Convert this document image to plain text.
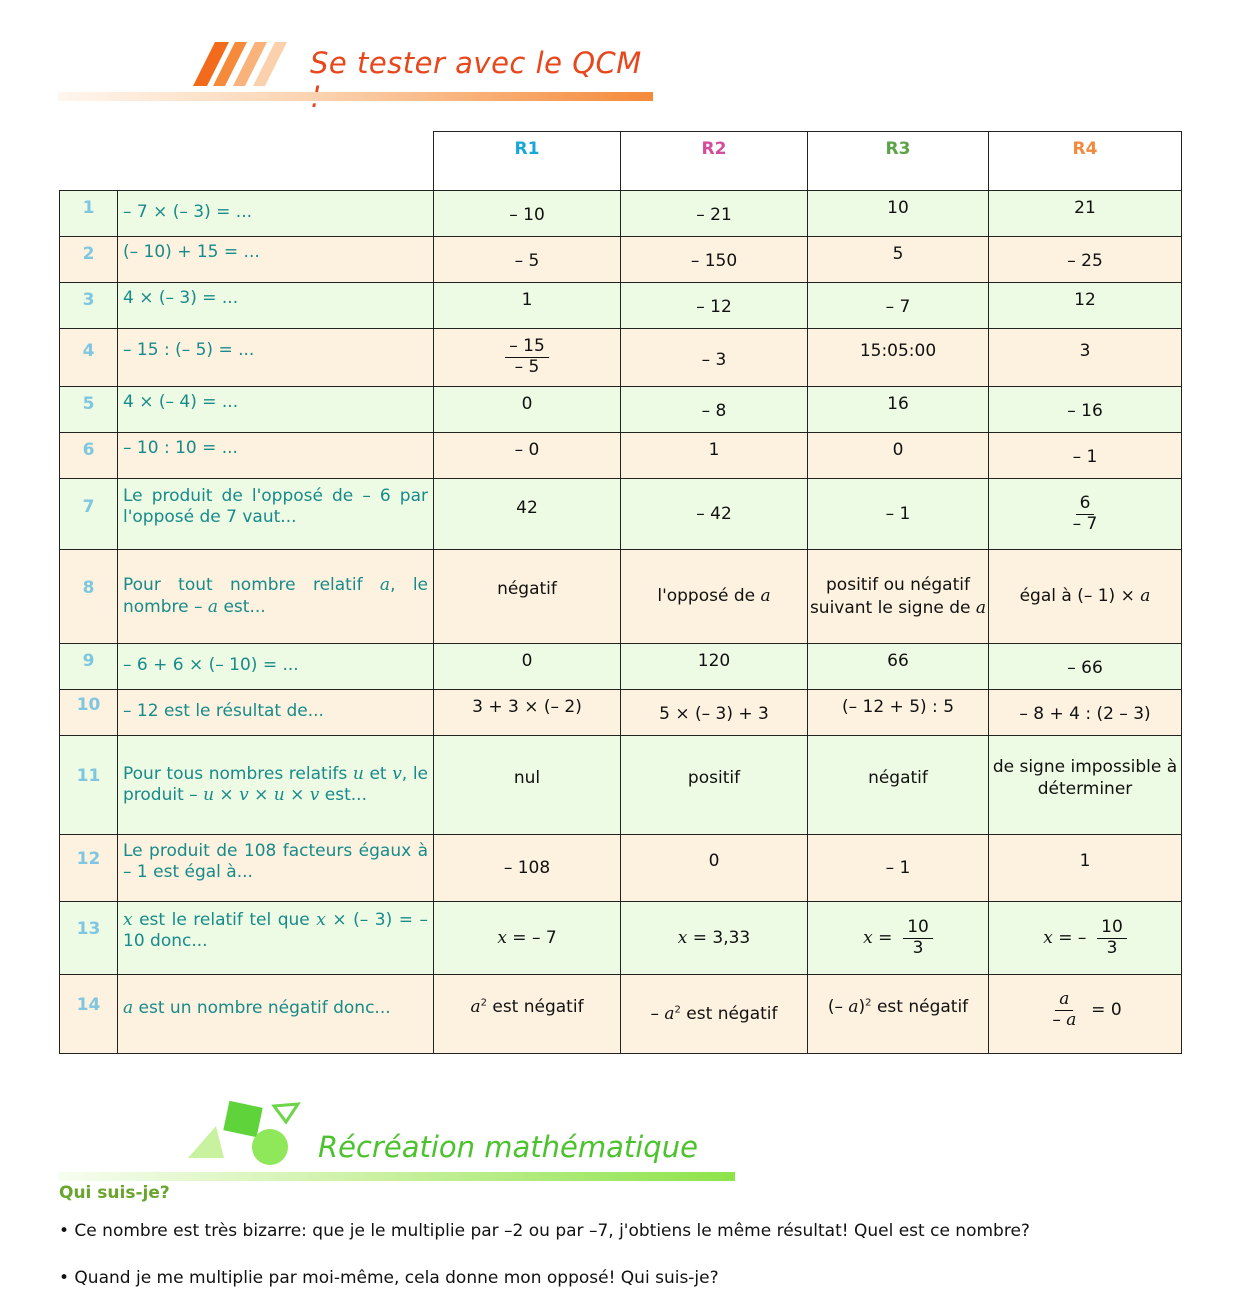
Se tester avec le QCM
		R1	R2	R3	R4
1	– 7 × (– 3) = ...	– 10	– 21	10	21
2	(– 10) + 15 = ...	– 5	– 150	5	– 25
3	4 × (– 3) = ...	1	– 12	– 7	12
4	– 15 : (– 5) = ...	$\frac{- 15}{- 5}$	– 3	15:05:00	3
5	4 × (– 4) = ...	0	– 8	16	– 16
6	– 10 : 10 = ...	– 0	1	0	– 1
7	Le produit de l'opposé de – 6 par l'opposé de 7 vaut...	42	– 42	– 1	$\frac{6}{- 7}$

8	Pour tout nombre relatif a, le nombre – a est...	négatif	l'opposé de a	positif ou négatif suivant le signe de a	égal à (– 1) × a
9	– 6 + 6 × (– 10) = ...	0	120	66	– 66
10	– 12 est le résultat de...	3 + 3 × (– 2)	5 × (– 3) + 3	(– 12 + 5) : 5	– 8 + 4 : (2 – 3)
11	Pour tous nombres relatifs u et v, le produit – u × v × u × v est...	nul	positif	négatif	de signe impossible à déterminer
12	Le produit de 108 facteurs égaux à – 1 est égal à...	– 108	0	– 1	1
13	x est le relatif tel que x × (– 3) = – 10 donc...	x = – 7	x = 3,33	$x = \frac{10}{3}$	x = – $\frac{10}{3}$

14	a est un nombre négatif donc...	$a^2$ est négatif	– $a^2$ est négatif	(– a)$^2$ est négatif	$\frac{a}{- a} = 0$
Récréation mathématique
Qui suis-je?
• Ce nombre est très bizarre: que je le multiplie par –2 ou par –7, j'obtiens le même résultat! Quel est ce nombre?
• Quand je me multiplie par moi-même, cela donne mon opposé! Qui suis-je?
